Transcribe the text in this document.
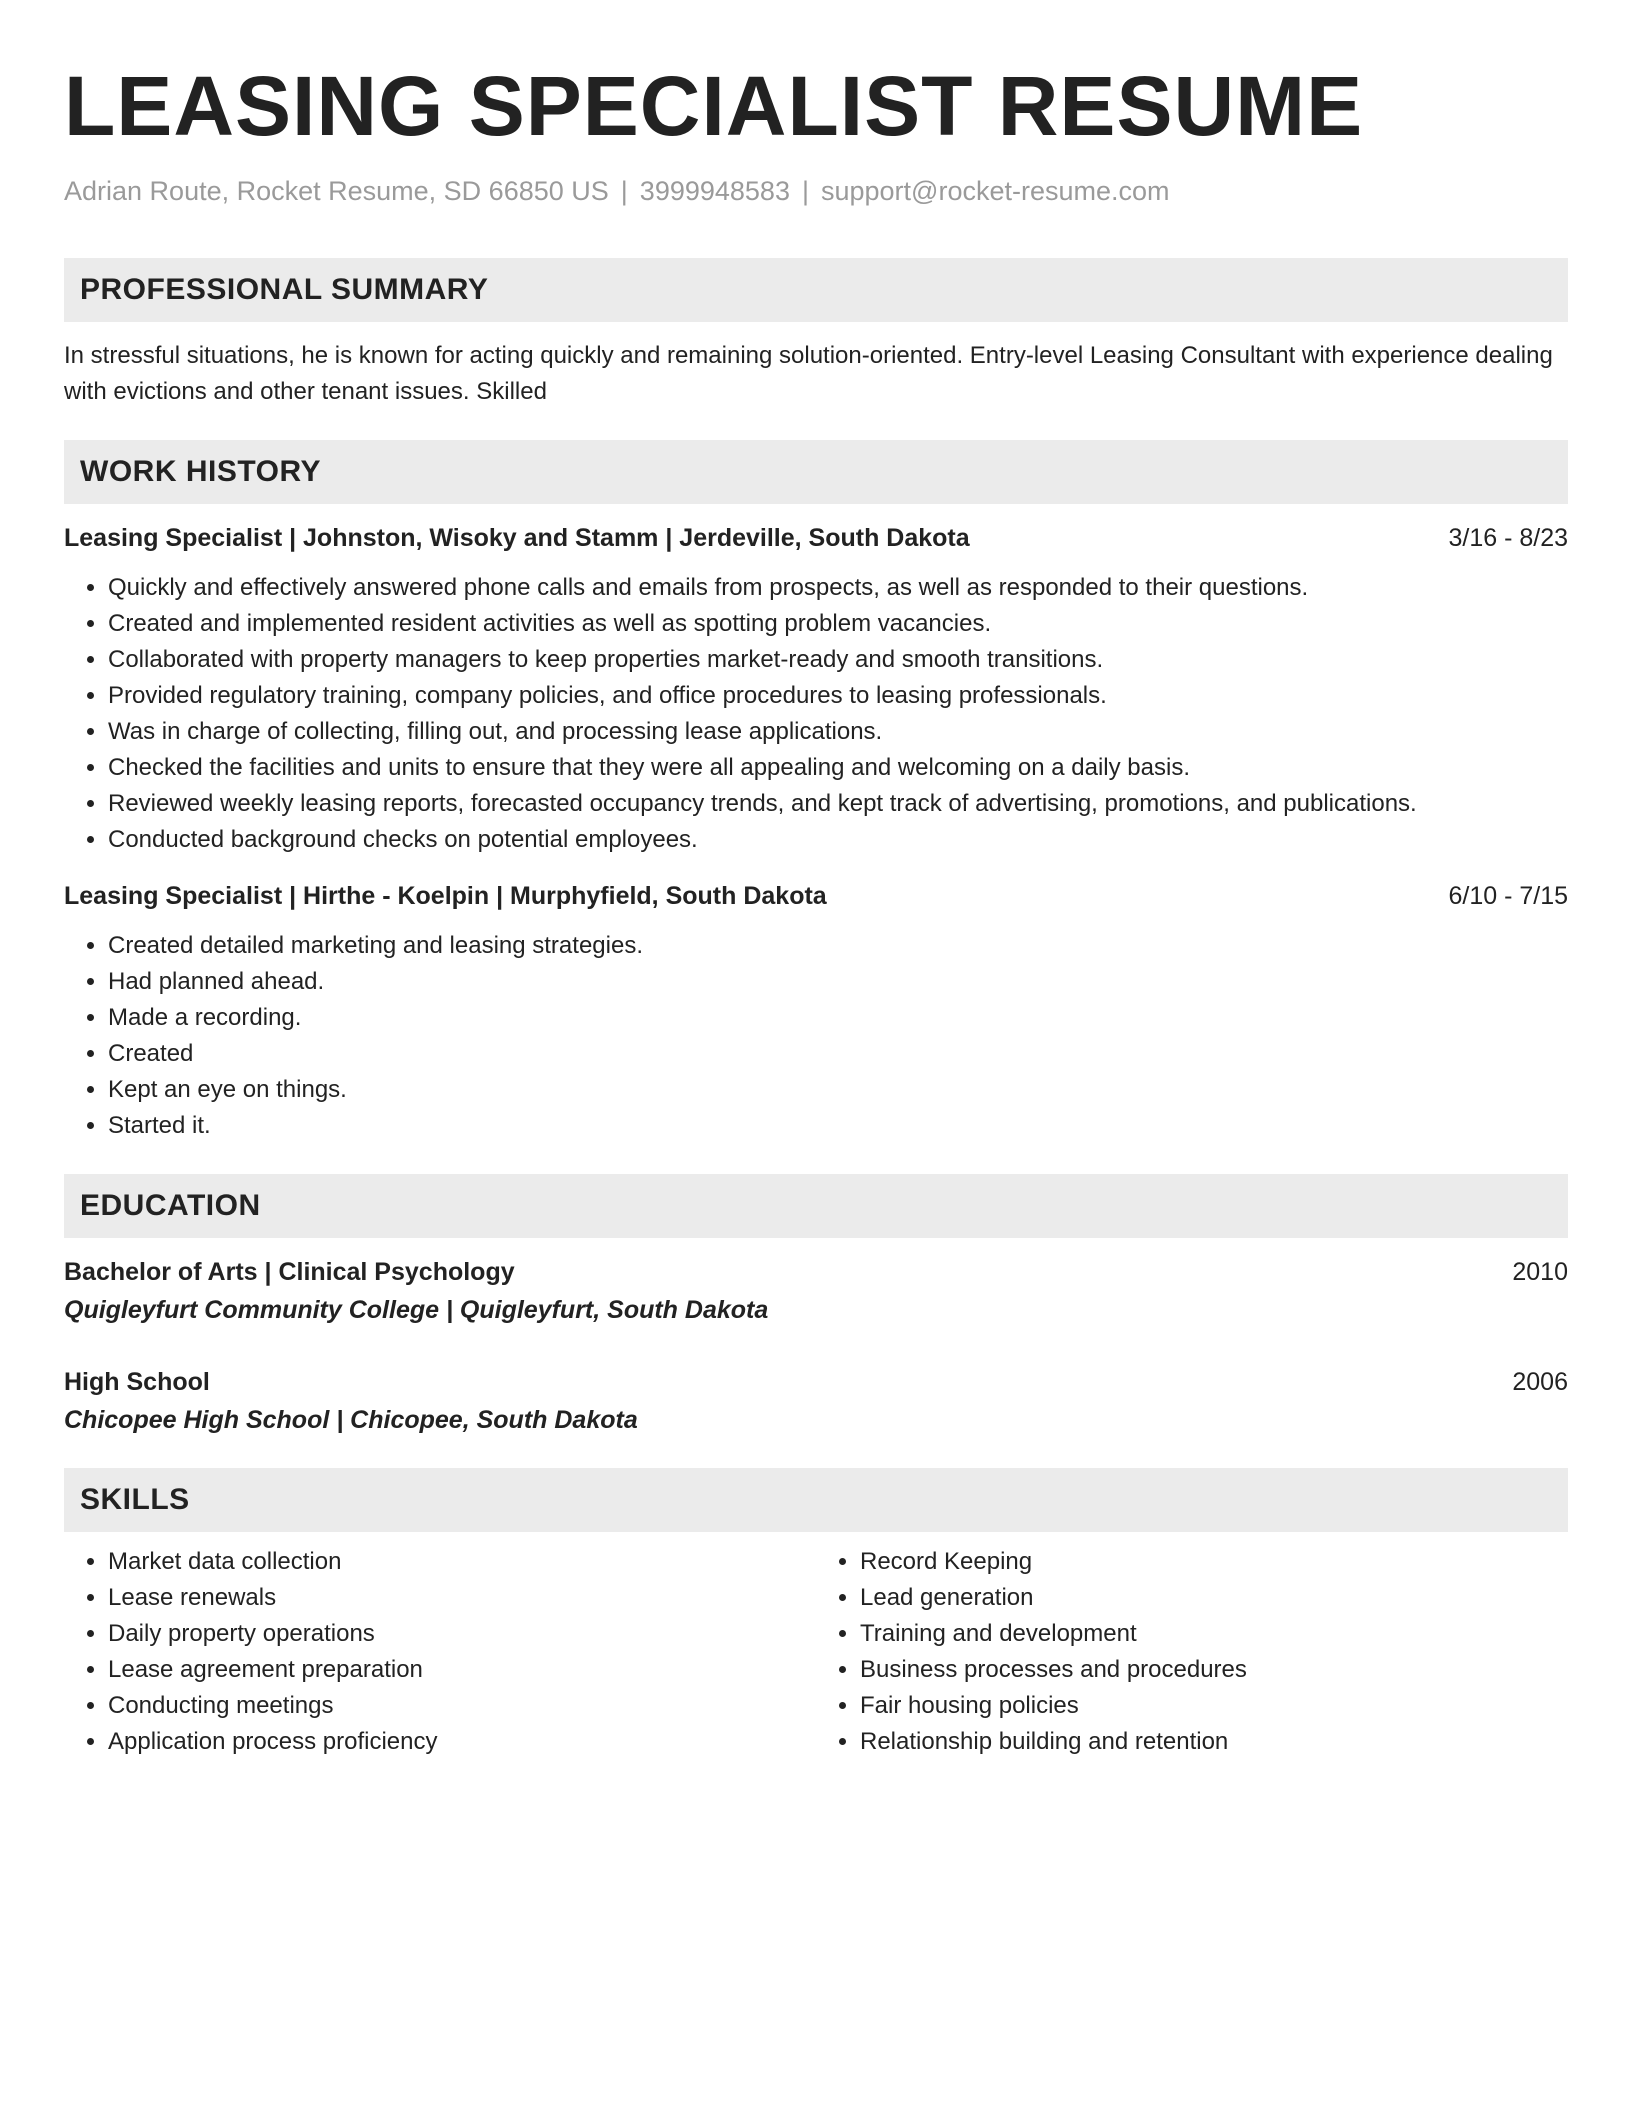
LEASING SPECIALIST RESUME
Adrian Route, Rocket Resume, SD 66850 US | 3999948583 | support@rocket-resume.com
PROFESSIONAL SUMMARY
In stressful situations, he is known for acting quickly and remaining solution-oriented. Entry-level Leasing Consultant with experience dealing with evictions and other tenant issues. Skilled
WORK HISTORY
Leasing Specialist | Johnston, Wisoky and Stamm | Jerdeville, South Dakota	3/16 - 8/23
• Quickly and effectively answered phone calls and emails from prospects, as well as responded to their questions.
• Created and implemented resident activities as well as spotting problem vacancies.
• Collaborated with property managers to keep properties market-ready and smooth transitions.
• Provided regulatory training, company policies, and office procedures to leasing professionals.
• Was in charge of collecting, filling out, and processing lease applications.
• Checked the facilities and units to ensure that they were all appealing and welcoming on a daily basis.
• Reviewed weekly leasing reports, forecasted occupancy trends, and kept track of advertising, promotions, and publications.
• Conducted background checks on potential employees.
Leasing Specialist | Hirthe - Koelpin | Murphyfield, South Dakota	6/10 - 7/15
• Created detailed marketing and leasing strategies.
• Had planned ahead.
• Made a recording.
• Created
• Kept an eye on things.
• Started it.
EDUCATION
Bachelor of Arts | Clinical Psychology	2010
Quigleyfurt Community College | Quigleyfurt, South Dakota
High School	2006
Chicopee High School | Chicopee, South Dakota
SKILLS
• Market data collection
• Lease renewals
• Daily property operations
• Lease agreement preparation
• Conducting meetings
• Application process proficiency
• Record Keeping
• Lead generation
• Training and development
• Business processes and procedures
• Fair housing policies
• Relationship building and retention
